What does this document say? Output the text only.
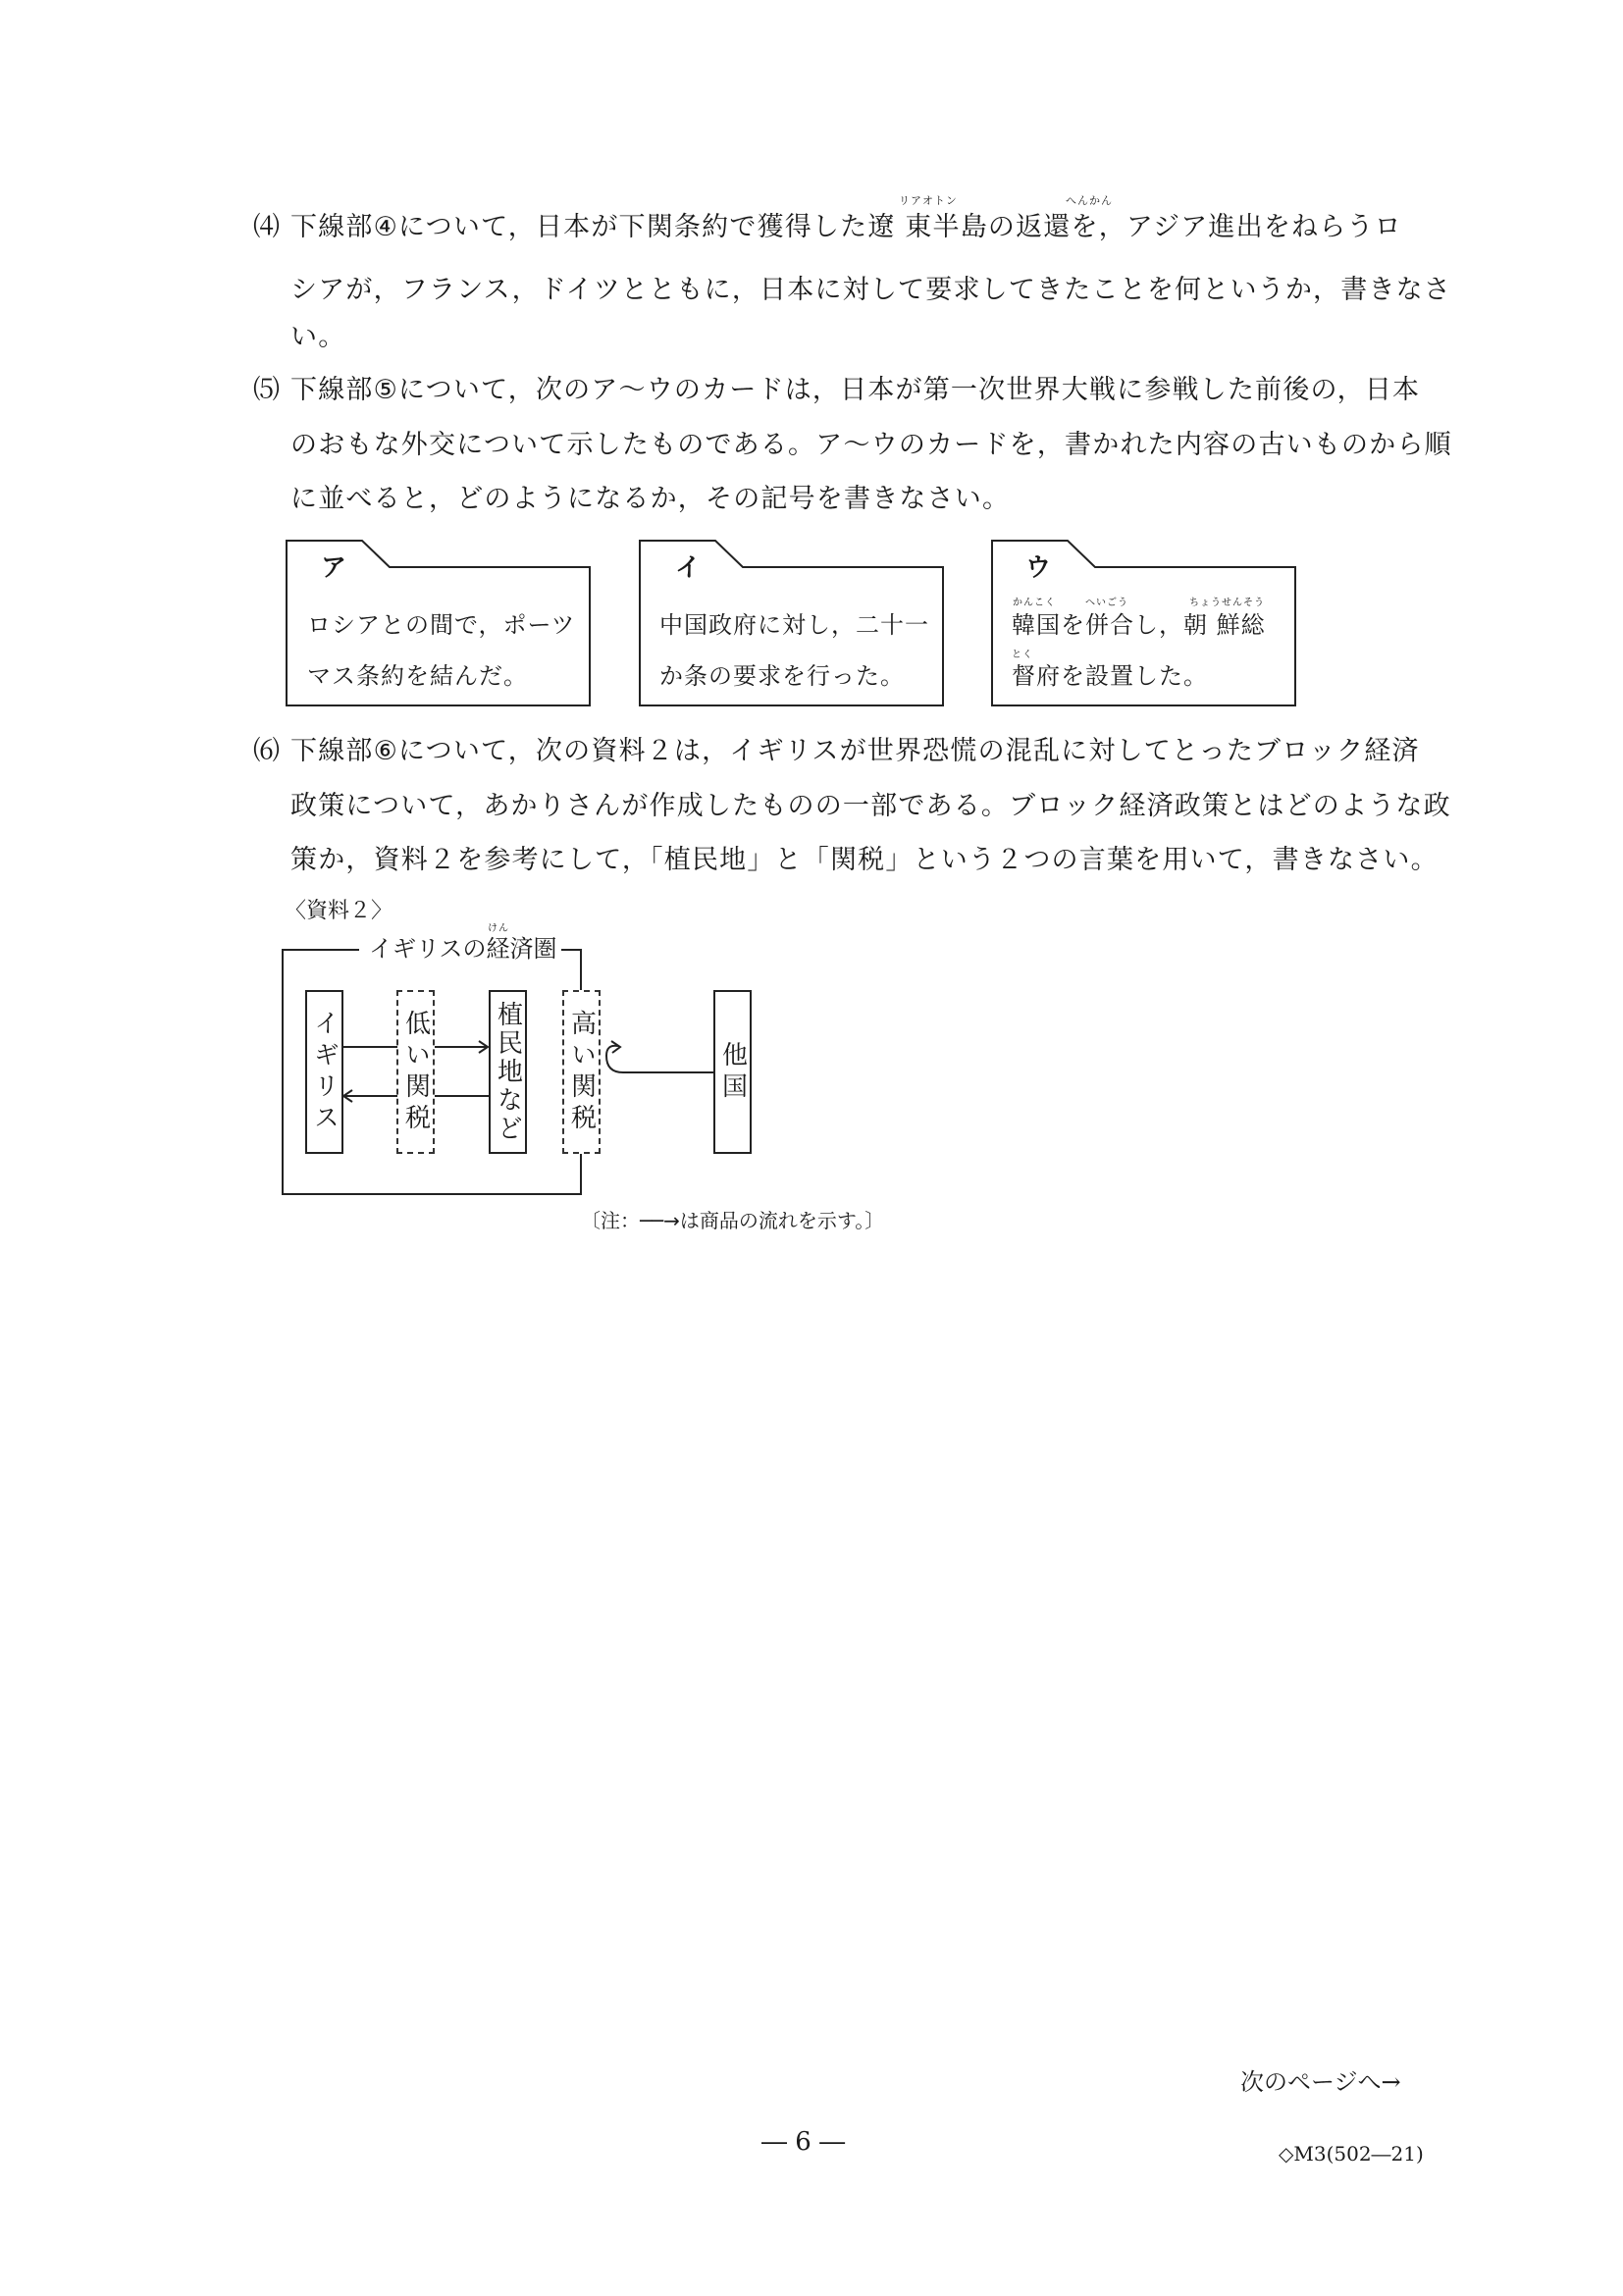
⑷
リアオトン	へんかん
下線部④について，日本が下関条約で獲得した遼 東半島の返還を，アジア進出をねらうロ
シアが，フランス，ドイツとともに，日本に対して要求してきたことを何というか，書きなさ
い。
⑸ 下線部⑤について，次のア～ウのカードは，日本が第一次世界大戦に参戦した前後の，日本
のおもな外交について示したものである。ア～ウのカードを，書かれた内容の古いものから順
に並べると，どのようになるか，その記号を書きなさい。
ア
ロシアとの間で，ポーツ
マス条約を結んだ。
イ
中国政府に対し，二十一
か条の要求を行った。
ウ
かんこく	へいごう	ちょうせんそう
韓国を併合し，朝 鮮総
とく
督府を設置した。
⑹ 下線部⑥について，次の資料２は，イギリスが世界恐慌の混乱に対してとったブロック経済
政策について，あかりさんが作成したものの一部である。ブロック経済政策とはどのような政
策か，資料２を参考にして，「植民地」と「関税」という２つの言葉を用いて，書きなさい。
〈資料２〉
イギリスの経済圏
けん
イギリス 低い関税 植民地など 高い関税	他国
〔注：──→は商品の流れを示す。〕
次のページへ→
― 6 ―	◇M3(502―21)
